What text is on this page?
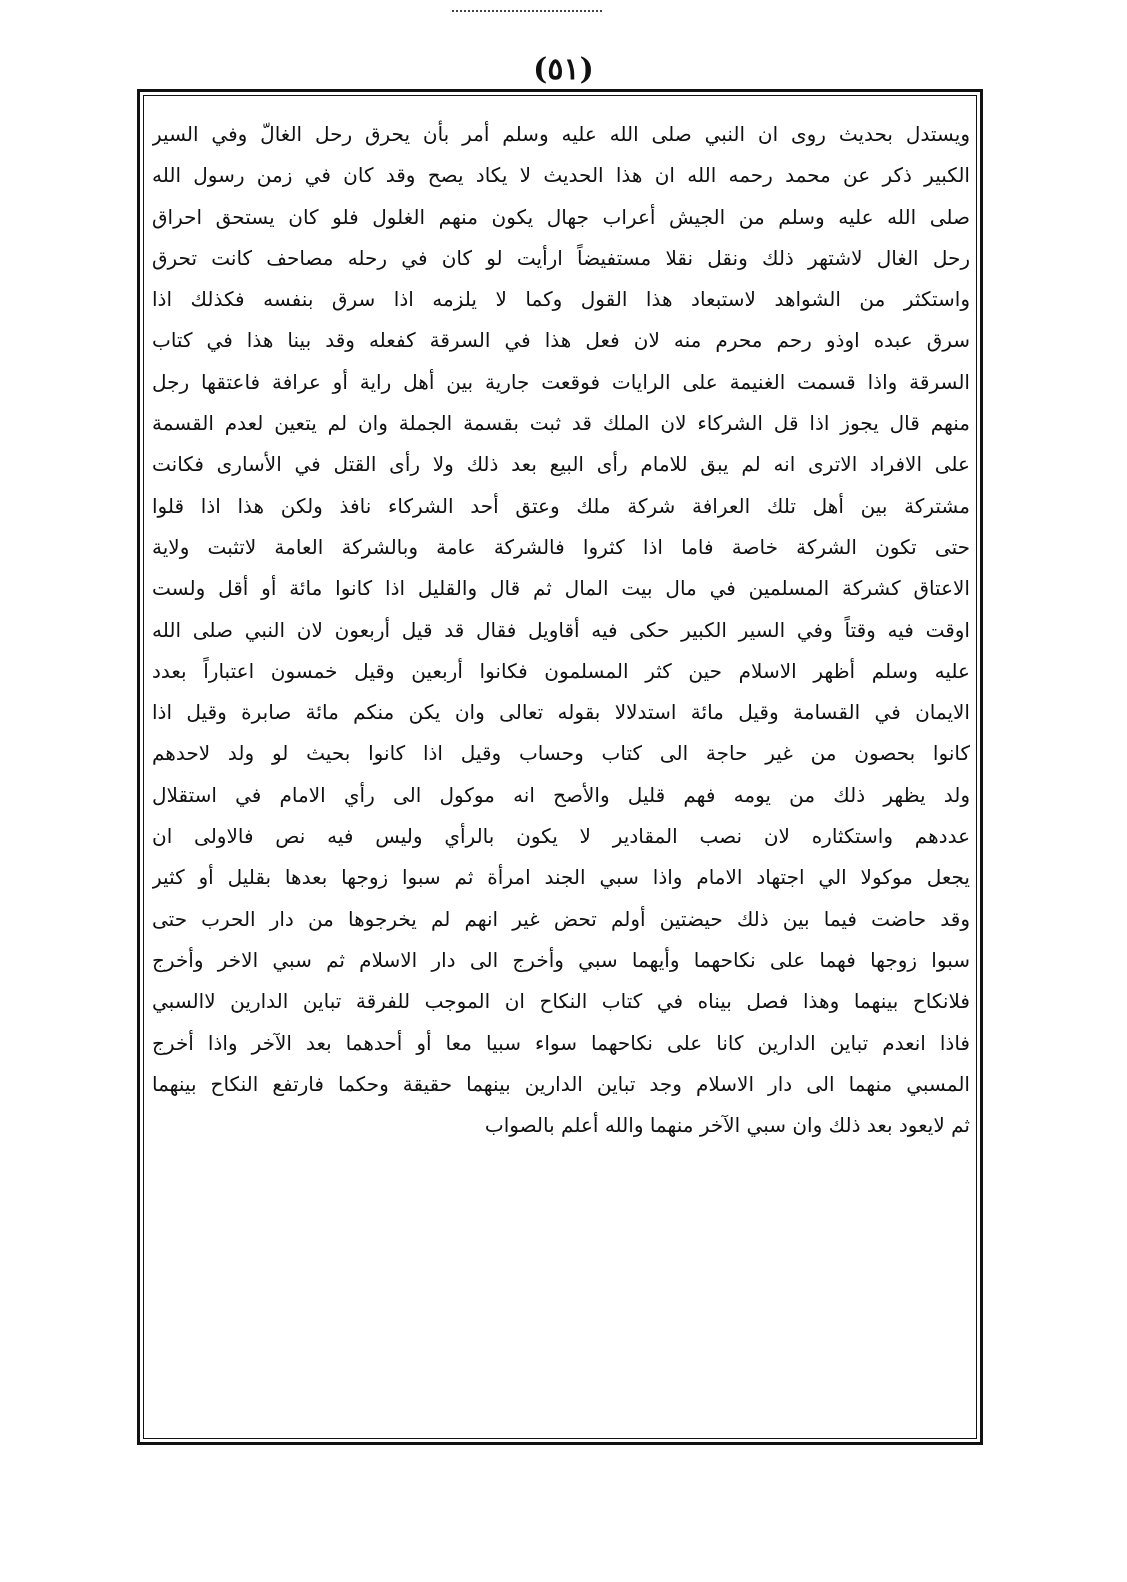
(٥١)
ويستدل بحديث روى ان النبي صلى الله عليه وسلم أمر بأن يحرق رحل الغالّ وفي السير
الكبير ذكر عن محمد رحمه الله ان هذا الحديث لا يكاد يصح وقد كان في زمن رسول الله
صلى الله عليه وسلم من الجيش أعراب جهال يكون منهم الغلول فلو كان يستحق احراق
رحل الغال لاشتهر ذلك ونقل نقلا مستفيضاً ارأيت لو كان في رحله مصاحف كانت تحرق
واستكثر من الشواهد لاستبعاد هذا القول وكما لا يلزمه اذا سرق بنفسه فكذلك اذا
سرق عبده اوذو رحم محرم منه لان فعل هذا في السرقة كفعله وقد بينا هذا في كتاب
السرقة واذا قسمت الغنيمة على الرايات فوقعت جارية بين أهل راية أو عرافة فاعتقها رجل
منهم قال يجوز اذا قل الشركاء لان الملك قد ثبت بقسمة الجملة وان لم يتعين لعدم القسمة
على الافراد الاترى انه لم يبق للامام رأى البيع بعد ذلك ولا رأى القتل في الأسارى فكانت
مشتركة بين أهل تلك العرافة شركة ملك وعتق أحد الشركاء نافذ ولكن هذا اذا قلوا
حتى تكون الشركة خاصة فاما اذا كثروا فالشركة عامة وبالشركة العامة لاتثبت ولاية
الاعتاق كشركة المسلمين في مال بيت المال ثم قال والقليل اذا كانوا مائة أو أقل ولست
اوقت فيه وقتاً وفي السير الكبير حكى فيه أقاويل فقال قد قيل أربعون لان النبي صلى الله
عليه وسلم أظهر الاسلام حين كثر المسلمون فكانوا أربعين وقيل خمسون اعتباراً بعدد
الايمان في القسامة وقيل مائة استدلالا بقوله تعالى وان يكن منكم مائة صابرة وقيل اذا
كانوا بحصون من غير حاجة الى كتاب وحساب وقيل اذا كانوا بحيث لو ولد لاحدهم
ولد يظهر ذلك من يومه فهم قليل والأصح انه موكول الى رأي الامام في استقلال
عددهم واستكثاره لان نصب المقادير لا يكون بالرأي وليس فيه نص فالاولى ان
يجعل موكولا الي اجتهاد الامام واذا سبي الجند امرأة ثم سبوا زوجها بعدها بقليل أو كثير
وقد حاضت فيما بين ذلك حيضتين أولم تحض غير انهم لم يخرجوها من دار الحرب حتى
سبوا زوجها فهما على نكاحهما وأيهما سبي وأخرج الى دار الاسلام ثم سبي الاخر وأخرج
فلانكاح بينهما وهذا فصل بيناه في كتاب النكاح ان الموجب للفرقة تباين الدارين لاالسبي
فاذا انعدم تباين الدارين كانا على نكاحهما سواء سبيا معا أو أحدهما بعد الآخر واذا أخرج
المسبي منهما الى دار الاسلام وجد تباين الدارين بينهما حقيقة وحكما فارتفع النكاح بينهما
ثم لايعود بعد ذلك وان سبي الآخر منهما والله أعلم بالصواب
